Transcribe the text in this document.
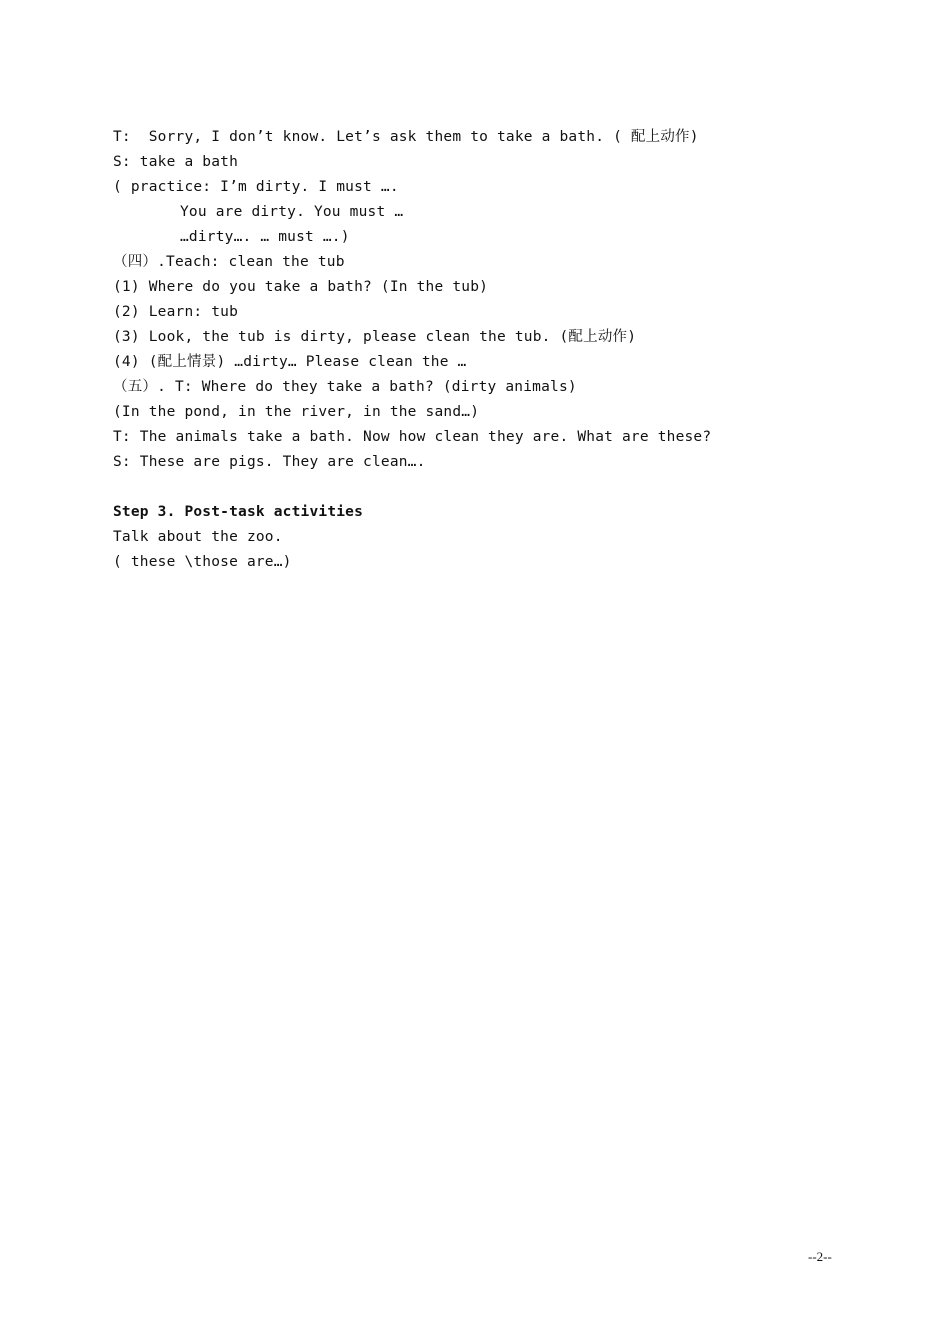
T:  Sorry, I don’t know. Let’s ask them to take a bath. ( 配上动作)
S: take a bath
( practice: I’m dirty. I must ….
You are dirty. You must …
…dirty…. … must ….)
（四）.Teach: clean the tub
(1) Where do you take a bath? (In the tub)
(2) Learn: tub
(3) Look, the tub is dirty, please clean the tub. (配上动作)
(4) (配上情景) …dirty… Please clean the …
（五）. T: Where do they take a bath? (dirty animals)
(In the pond, in the river, in the sand…)
T: The animals take a bath. Now how clean they are. What are these?
S: These are pigs. They are clean….
Step 3. Post-task activities
Talk about the zoo.
( these \those are…)
--2--
